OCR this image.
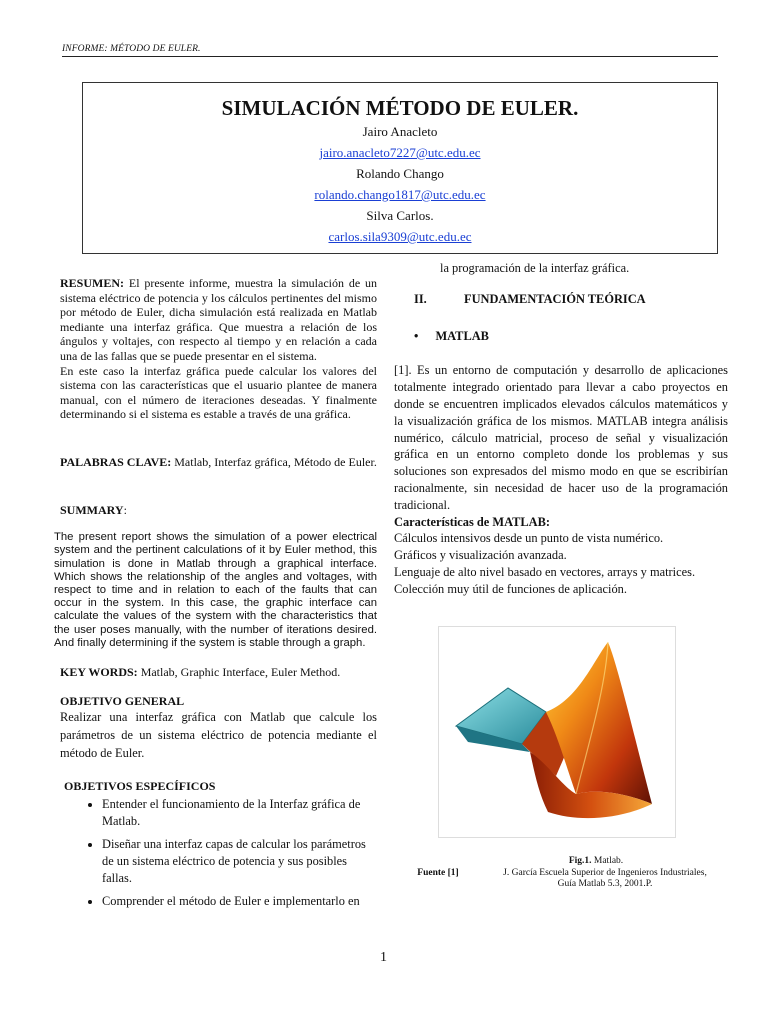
INFORME: MÉTODO DE EULER.
SIMULACIÓN MÉTODO DE EULER.
Jairo Anacleto
jairo.anacleto7227@utc.edu.ec
Rolando Chango
rolando.chango1817@utc.edu.ec
Silva Carlos.
carlos.sila9309@utc.edu.ec

RESUMEN: El presente informe, muestra la simulación de un sistema eléctrico de potencia y los cálculos pertinentes del mismo por método de Euler, dicha simulación está realizada en Matlab mediante una interfaz gráfica. Que muestra a relación de los ángulos y voltajes, con respecto al tiempo y en relación a cada una de las fallas que se puede presentar en el sistema.

En este caso la interfaz gráfica puede calcular los valores del sistema con las características que el usuario plantee de manera manual, con el número de iteraciones deseadas. Y finalmente determinando si el sistema es estable a través de una gráfica.

PALABRAS CLAVE: Matlab, Interfaz gráfica, Método de Euler.

SUMMARY:

The present report shows the simulation of a power electrical system and the pertinent calculations of it by Euler method, this simulation is done in Matlab through a graphical interface. Which shows the relationship of the angles and voltages, with respect to time and in relation to each of the faults that can occur in the system. In this case, the graphic interface can calculate the values of the system with the characteristics that the user poses manually, with the number of iterations desired. And finally determining if the system is stable through a graph.

KEY WORDS: Matlab, Graphic Interface, Euler Method.

OBJETIVO GENERAL

Realizar una interfaz gráfica con Matlab que calcule los parámetros de un sistema eléctrico de potencia mediante el método de Euler.

OBJETIVOS ESPECÍFICOS

• Entender el funcionamiento de la Interfaz gráfica de Matlab.
• Diseñar una interfaz capas de calcular los parámetros de un sistema eléctrico de potencia y sus posibles fallas.
• Comprender el método de Euler e implementarlo en

la programación de la interfaz gráfica.

II.	FUNDAMENTACIÓN TEÓRICA
• MATLAB

[1]. Es un entorno de computación y desarrollo de aplicaciones totalmente integrado orientado para llevar a cabo proyectos en donde se encuentren implicados elevados cálculos matemáticos y la visualización gráfica de los mismos. MATLAB integra análisis numérico, cálculo matricial, proceso de señal y visualización gráfica en un entorno completo donde los problemas y sus soluciones son expresados del mismo modo en que se escribirían racionalmente, sin necesidad de hacer uso de la programación tradicional.

Características de MATLAB:

Cálculos intensivos desde un punto de vista numérico.

Gráficos y visualización avanzada.

Lenguaje de alto nivel basado en vectores, arrays y matrices.

Colección muy útil de funciones de aplicación.

Fig.1. Matlab.
Fuente [1]	J. García Escuela Superior de Ingenieros Industriales,
Guía Matlab 5.3, 2001.P.
1
